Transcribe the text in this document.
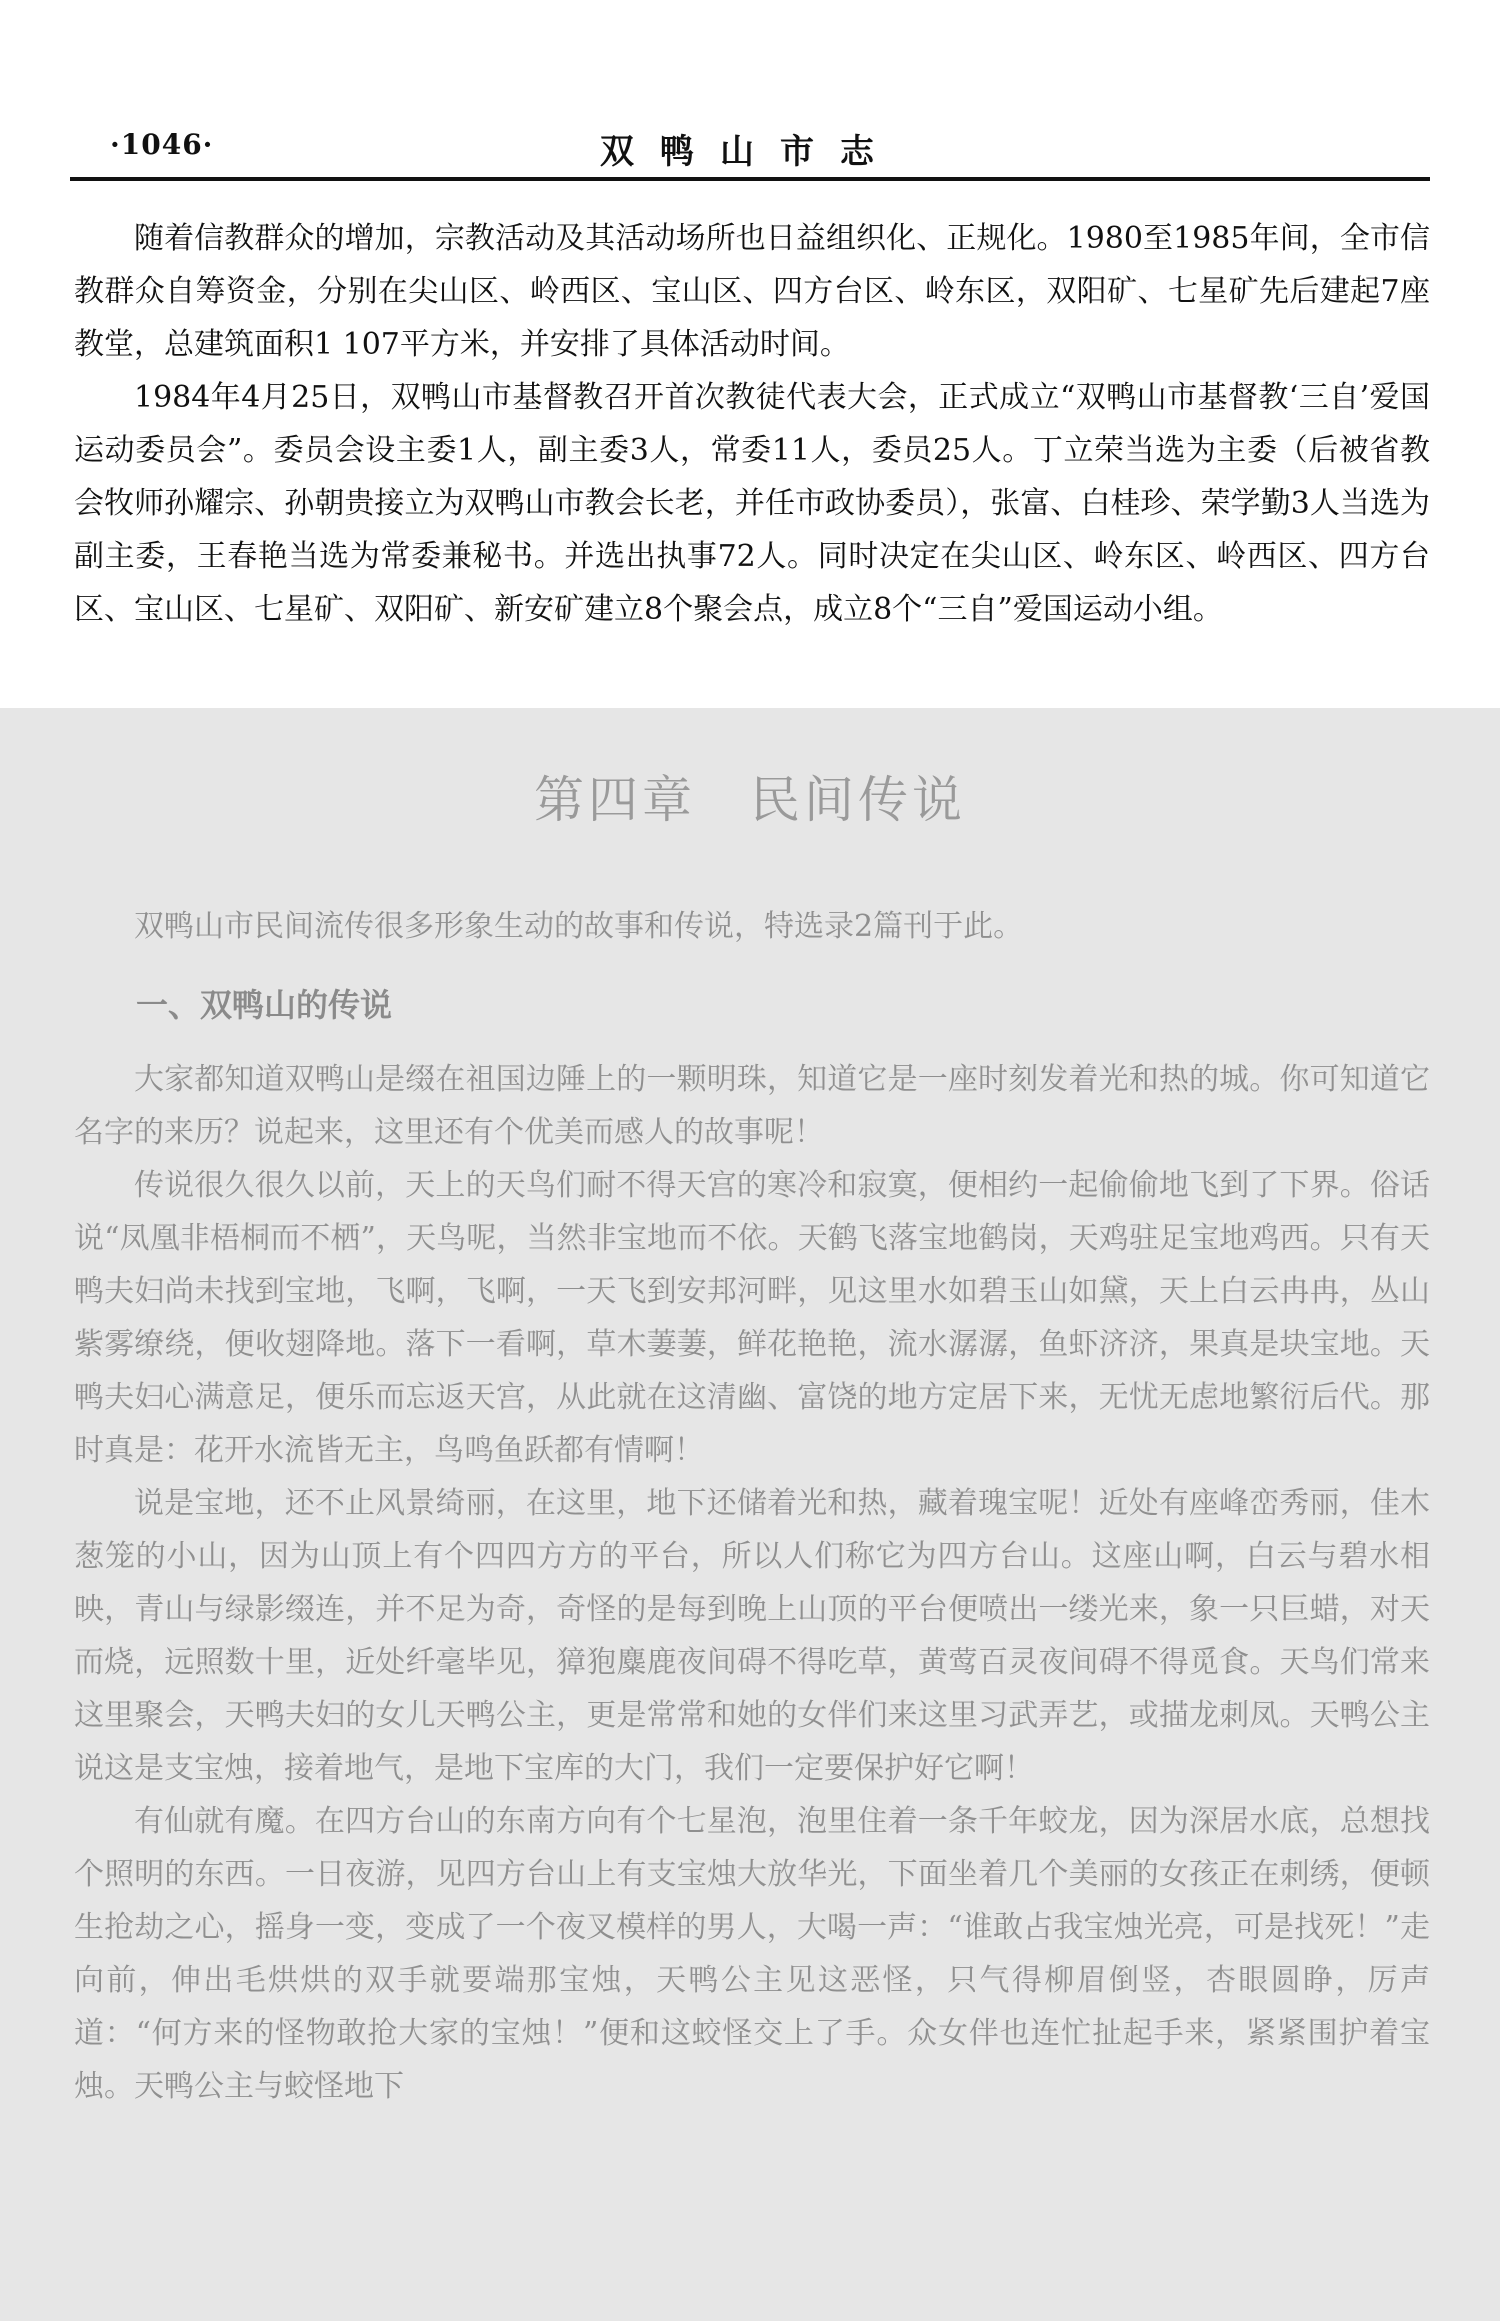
·1046·	双鸭山市志

随着信教群众的增加，宗教活动及其活动场所也日益组织化、正规化。1980至1985年间，全市信教群众自筹资金，分别在尖山区、岭西区、宝山区、四方台区、岭东区，双阳矿、七星矿先后建起7座教堂，总建筑面积1 107平方米，并安排了具体活动时间。

1984年4月25日，双鸭山市基督教召开首次教徒代表大会，正式成立“双鸭山市基督教‘三自’爱国运动委员会”。委员会设主委1人，副主委3人，常委11人，委员25人。丁立荣当选为主委（后被省教会牧师孙耀宗、孙朝贵接立为双鸭山市教会长老，并任市政协委员），张富、白桂珍、荣学勤3人当选为副主委，王春艳当选为常委兼秘书。并选出执事72人。同时决定在尖山区、岭东区、岭西区、四方台区、宝山区、七星矿、双阳矿、新安矿建立8个聚会点，成立8个“三自”爱国运动小组。

第四章　民间传说

双鸭山市民间流传很多形象生动的故事和传说，特选录2篇刊于此。

一、双鸭山的传说

大家都知道双鸭山是缀在祖国边陲上的一颗明珠，知道它是一座时刻发着光和热的城。你可知道它名字的来历？说起来，这里还有个优美而感人的故事呢！

传说很久很久以前，天上的天鸟们耐不得天宫的寒冷和寂寞，便相约一起偷偷地飞到了下界。俗话说“凤凰非梧桐而不栖”，天鸟呢，当然非宝地而不依。天鹤飞落宝地鹤岗，天鸡驻足宝地鸡西。只有天鸭夫妇尚未找到宝地，飞啊，飞啊，一天飞到安邦河畔，见这里水如碧玉山如黛，天上白云冉冉，丛山紫雾缭绕，便收翅降地。落下一看啊，草木萋萋，鲜花艳艳，流水潺潺，鱼虾济济，果真是块宝地。天鸭夫妇心满意足，便乐而忘返天宫，从此就在这清幽、富饶的地方定居下来，无忧无虑地繁衍后代。那时真是：花开水流皆无主，鸟鸣鱼跃都有情啊！

说是宝地，还不止风景绮丽，在这里，地下还储着光和热，藏着瑰宝呢！近处有座峰峦秀丽，佳木葱笼的小山，因为山顶上有个四四方方的平台，所以人们称它为四方台山。这座山啊，白云与碧水相映，青山与绿影缀连，并不足为奇，奇怪的是每到晚上山顶的平台便喷出一缕光来，象一只巨蜡，对天而烧，远照数十里，近处纤毫毕见，獐狍麋鹿夜间碍不得吃草，黄莺百灵夜间碍不得觅食。天鸟们常来这里聚会，天鸭夫妇的女儿天鸭公主，更是常常和她的女伴们来这里习武弄艺，或描龙刺凤。天鸭公主说这是支宝烛，接着地气，是地下宝库的大门，我们一定要保护好它啊！

有仙就有魔。在四方台山的东南方向有个七星泡，泡里住着一条千年蛟龙，因为深居水底，总想找个照明的东西。一日夜游，见四方台山上有支宝烛大放华光，下面坐着几个美丽的女孩正在刺绣，便顿生抢劫之心，摇身一变，变成了一个夜叉模样的男人，大喝一声：“谁敢占我宝烛光亮，可是找死！”走向前，伸出毛烘烘的双手就要端那宝烛，天鸭公主见这恶怪，只气得柳眉倒竖，杏眼圆睁，厉声道：“何方来的怪物敢抢大家的宝烛！”便和这蛟怪交上了手。众女伴也连忙扯起手来，紧紧围护着宝烛。天鸭公主与蛟怪地下
